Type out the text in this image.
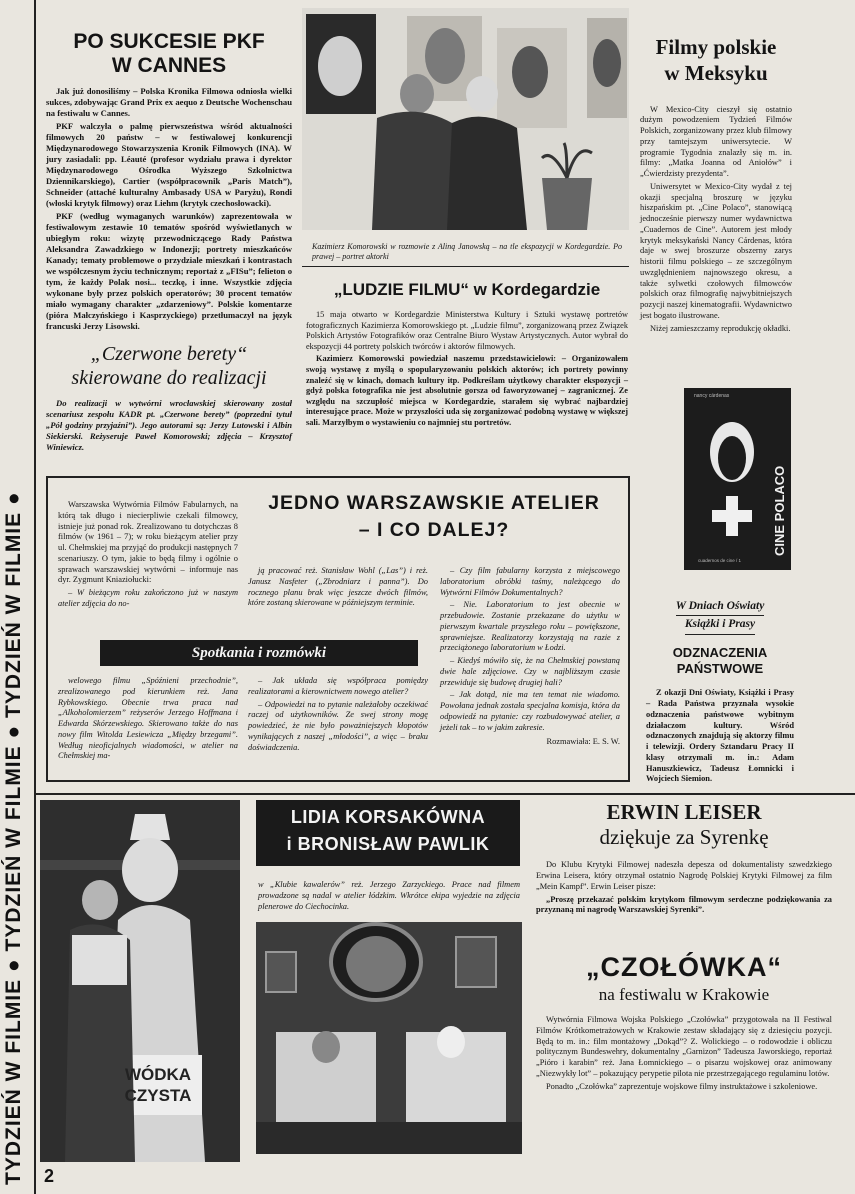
TYDZIEŃ W FILMIE ● TYDZIEŃ W FILMIE ● TYDZIEŃ W FILMIE ●
PO SUKCESIE PKF
W CANNES

Jak już donosiliśmy – Polska Kronika Filmowa odniosła wielki sukces, zdobywając Grand Prix ex aequo z Deutsche Wochenschau na festiwalu w Cannes.

PKF walczyła o palmę pierwszeństwa wśród aktualności filmowych 20 państw – w festiwalowej konkurencji Międzynarodowego Stowarzyszenia Kronik Filmowych (INA). W jury zasiadali: pp. Léauté (profesor wydziału prawa i dyrektor Międzynarodowego Ośrodka Wyższego Szkolnictwa Dziennikarskiego), Cartier (współpracownik „Paris Match”), Schneider (attaché kulturalny Ambasady USA w Paryżu), Rondi (włoski krytyk filmowy) oraz Liehm (krytyk czechosłowacki).

PKF (według wymaganych warunków) zaprezentowała w festiwalowym zestawie 10 tematów spośród wyświetlanych w ubiegłym roku: wizytę przewodniczącego Rady Państwa Aleksandra Zawadzkiego w Indonezji; portrety mieszkańców Kanady; tematy problemowe o przydziale mieszkań i kontrastach we współczesnym życiu technicznym; reportaż z „FISu”; felieton o tym, że każdy Polak nosi... teczkę, i inne. Wszystkie zdjęcia wykonane były przez polskich operatorów; 30 procent tematów miało wymagany charakter „zdarzeniowy”. Polskie komentarze (pióra Małczyńskiego i Kasprzyckiego) przetłumaczył na język francuski Jerzy Lisowski.

„Czerwone berety“
skierowane do realizacji

Do realizacji w wytwórni wrocławskiej skierowany został scenariusz zespołu KADR pt. „Czerwone berety” (poprzedni tytuł „Pół godziny przyjaźni”). Jego autorami są: Jerzy Lutowski i Albin Siekierski. Reżyseruje Paweł Komorowski; zdjęcia – Krzysztof Winiewicz.

Kazimierz Komorowski w rozmowie z Aliną Janowską – na tle ekspozycji w Kordegardzie. Po prawej – portret aktorki
„LUDZIE FILMU“ w Kordegardzie

15 maja otwarto w Kordegardzie Ministerstwa Kultury i Sztuki wystawę portretów fotograficznych Kazimierza Komorowskiego pt. „Ludzie filmu”, zorganizowaną przez Związek Polskich Artystów Fotografików oraz Centralne Biuro Wystaw Artystycznych. Autor wybrał do ekspozycji 44 portrety polskich twórców i aktorów filmowych.

Kazimierz Komorowski powiedział naszemu przedstawicielowi: – Organizowałem swoją wystawę z myślą o spopularyzowaniu polskich aktorów; ich portrety powinny znaleźć się w kinach, domach kultury itp. Podkreślam użytkowy charakter ekspozycji – gdyż polska fotografika nie jest absolutnie gorsza od faworyzowanej – zagranicznej. Ze względu na szczupłość miejsca w Kordegardzie, starałem się wybrać najbardziej interesujące prace. Może w przyszłości uda się zorganizować podobną wystawę w większej sali. Marzyłbym o wystawieniu co najmniej stu portretów.

Filmy polskie
w Meksyku

W Mexico-City cieszył się ostatnio dużym powodzeniem Tydzień Filmów Polskich, zorganizowany przez klub filmowy przy tamtejszym uniwersytecie. W programie Tygodnia znalazły się m. in. filmy: „Matka Joanna od Aniołów” i „Ćwierdzisty prezydenta”.

Uniwersytet w Mexico-City wydał z tej okazji specjalną broszurę w języku hiszpańskim pt. „Cine Polaco”, stanowiącą jednocześnie pierwszy numer wydawnictwa „Cuadernos de Cine”. Autorem jest młody krytyk meksykański Nancy Cárdenas, która daje w swej broszurze obszerny zarys historii filmu polskiego – ze szczególnym uwzględnieniem najnowszego okresu, a także sylwetki czołowych filmowców polskich oraz filmografię najwybitniejszych pozycji naszej kinematografii. Wydawnictwo jest bogato ilustrowane.

Niżej zamieszczamy reprodukcję okładki.

nancy cárdenas
CINE POLACO
cuadernos de cine / 1
W Dniach Oświaty
Książki i Prasy
ODZNACZENIA
PAŃSTWOWE

Z okazji Dni Oświaty, Książki i Prasy – Rada Państwa przyznała wysokie odznaczenia państwowe wybitnym działaczom kultury. Wśród odznaczonych znajdują się aktorzy filmu i telewizji. Ordery Sztandaru Pracy II klasy otrzymali m. in.: Adam Hanuszkiewicz, Tadeusz Łomnicki i Wojciech Siemion.

JEDNO WARSZAWSKIE ATELIER
– I CO DALEJ?

Warszawska Wytwórnia Filmów Fabularnych, na którą tak długo i niecierpliwie czekali filmowcy, istnieje już ponad rok. Zrealizowano tu dotychczas 8 filmów (w 1961 – 7); w roku bieżącym atelier przy ul. Chełmskiej ma przyjąć do produkcji następnych 7 scenariuszy. O tym, jakie to będą filmy i ogólnie o sprawach warszawskiej wytwórni – informuje nas dyr. Zygmunt Kniaziołucki:

– W bieżącym roku zakończono już w naszym atelier zdjęcia do no-

Spotkania i rozmówki

welowego filmu „Spóźnieni przechodnie”, zrealizowanego pod kierunkiem reż. Jana Rybkowskiego. Obecnie trwa praca nad „Alkoholomierzem” reżyserów Jerzego Hoffmana i Edwarda Skórzewskiego. Skierowano także do nas nowy film Witolda Lesiewicza „Między brzegami”. Według nieoficjalnych wiadomości, w atelier na Chełmskiej ma-

ją pracować reż. Stanisław Wohl („Las”) i reż. Janusz Nasfeter („Zbrodniarz i panna”). Do rocznego planu brak więc jeszcze dwóch filmów, które zostaną skierowane w późniejszym terminie.

– Jak układa się współpraca pomiędzy realizatorami a kierownictwem nowego atelier?

– Odpowiedzi na to pytanie należałoby oczekiwać raczej od użytkowników. Ze swej strony mogę powiedzieć, że nie było poważniejszych kłopotów wynikających z naszej „młodości”, a więc – braku doświadczenia.

– Czy film fabularny korzysta z miejscowego laboratorium obróbki taśmy, należącego do Wytwórni Filmów Dokumentalnych?

– Nie. Laboratorium to jest obecnie w przebudowie. Zostanie przekazane do użytku w pierwszym kwartale przyszłego roku – powiększone, sprawniejsze. Realizatorzy korzystają na razie z przeciążonego laboratorium w Łodzi.

– Kiedyś mówiło się, że na Chełmskiej powstaną dwie hale zdjęciowe. Czy w najbliższym czasie przewiduje się budowę drugiej hali?

– Jak dotąd, nie ma ten temat nie wiadomo. Powołana jednak została specjalna komisja, która da odpowiedź na pytanie: czy rozbudowywać atelier, a jeżeli tak – to w jakim zakresie.

Rozmawiała: E. S. W.

WÓDKA
CZYSTA
LIDIA KORSAKÓWNA
i BRONISŁAW PAWLIK
w „Klubie kawalerów” reż. Jerzego Zarzyckiego. Prace nad filmem prowadzone są nadal w atelier łódzkim. Wkrótce ekipa wyjedzie na zdjęcia plenerowe do Ciechocinka.
ERWIN LEISER
dziękuje za Syrenkę

Do Klubu Krytyki Filmowej nadeszła depesza od dokumentalisty szwedzkiego Erwina Leisera, który otrzymał ostatnio Nagrodę Polskiej Krytyki Filmowej za film „Mein Kampf”. Erwin Leiser pisze:

„Proszę przekazać polskim krytykom filmowym serdeczne podziękowania za przyznaną mi nagrodę Warszawskiej Syrenki”.

„CZOŁÓWKA“
na festiwalu w Krakowie

Wytwórnia Filmowa Wojska Polskiego „Czołówka” przygotowała na II Festiwal Filmów Krótkometrażowych w Krakowie zestaw składający się z dziesięciu pozycji. Będą to m. in.: film montażowy „Dokąd”? Z. Wolickiego – o rodowodzie i obliczu politycznym Bundeswehry, dokumentalny „Garnizon” Tadeusza Jaworskiego, reportaż „Pióro i karabin” reż. Jana Łomnickiego – o pisarzu wojskowej oraz animowany „Niezwykły lot” – pokazujący perypetie pilota nie przestrzegającego regulaminu lotów.

Ponadto „Czołówka” zaprezentuje wojskowe filmy instruktażowe i szkoleniowe.

2
